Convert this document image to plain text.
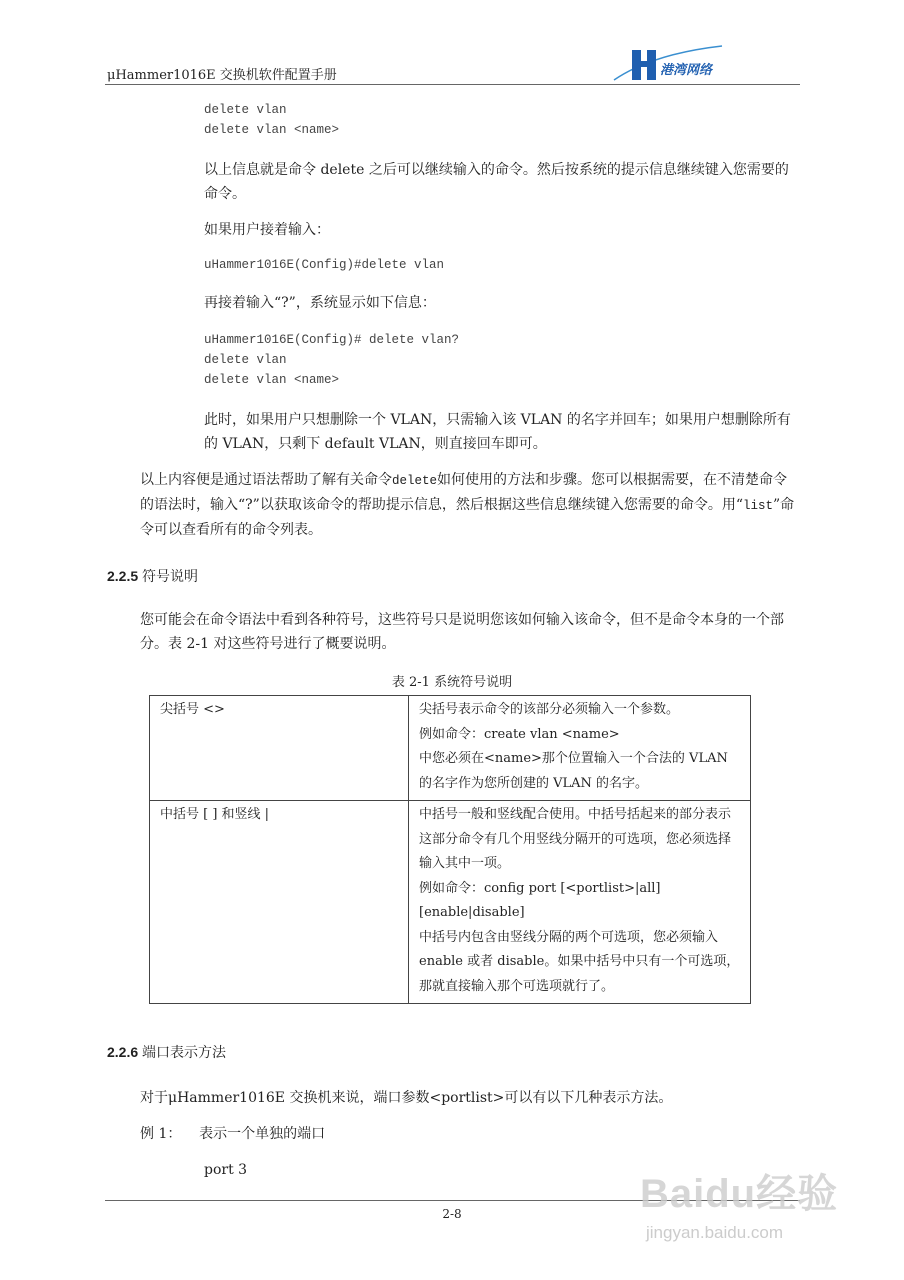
μHammer1016E 交换机软件配置手册	港湾网络
delete vlan
delete vlan <name>
以上信息就是命令 delete 之后可以继续输入的命令。然后按系统的提示信息继续键入您需要的命令。
如果用户接着输入：
uHammer1016E(Config)#delete vlan
再接着输入“?”，系统显示如下信息：
uHammer1016E(Config)# delete vlan?
delete vlan
delete vlan <name>
此时，如果用户只想删除一个 VLAN，只需输入该 VLAN 的名字并回车；如果用户想删除所有的 VLAN，只剩下 default VLAN，则直接回车即可。
以上内容便是通过语法帮助了解有关命令delete如何使用的方法和步骤。您可以根据需要，在不清楚命令的语法时，输入“?”以获取该命令的帮助提示信息，然后根据这些信息继续键入您需要的命令。用“list”命令可以查看所有的命令列表。
2.2.5 符号说明
您可能会在命令语法中看到各种符号，这些符号只是说明您该如何输入该命令，但不是命令本身的一个部分。表 2-1 对这些符号进行了概要说明。
表 2-1 系统符号说明
尖括号 <>	尖括号表示命令的该部分必须输入一个参数。
例如命令：create vlan <name>
中您必须在<name>那个位置输入一个合法的 VLAN 的名字作为您所创建的 VLAN 的名字。

中括号 [ ] 和竖线 |	中括号一般和竖线配合使用。中括号括起来的部分表示这部分命令有几个用竖线分隔开的可选项，您必须选择输入其中一项。
例如命令：config port [<portlist>|all] [enable|disable]
中括号内包含由竖线分隔的两个可选项，您必须输入 enable 或者 disable。如果中括号中只有一个可选项，那就直接输入那个可选项就行了。
2.2.6 端口表示方法
对于μHammer1016E 交换机来说，端口参数<portlist>可以有以下几种表示方法。
例 1： 表示一个单独的端口
port 3
2-8	Baidu经验
jingyan.baidu.com
